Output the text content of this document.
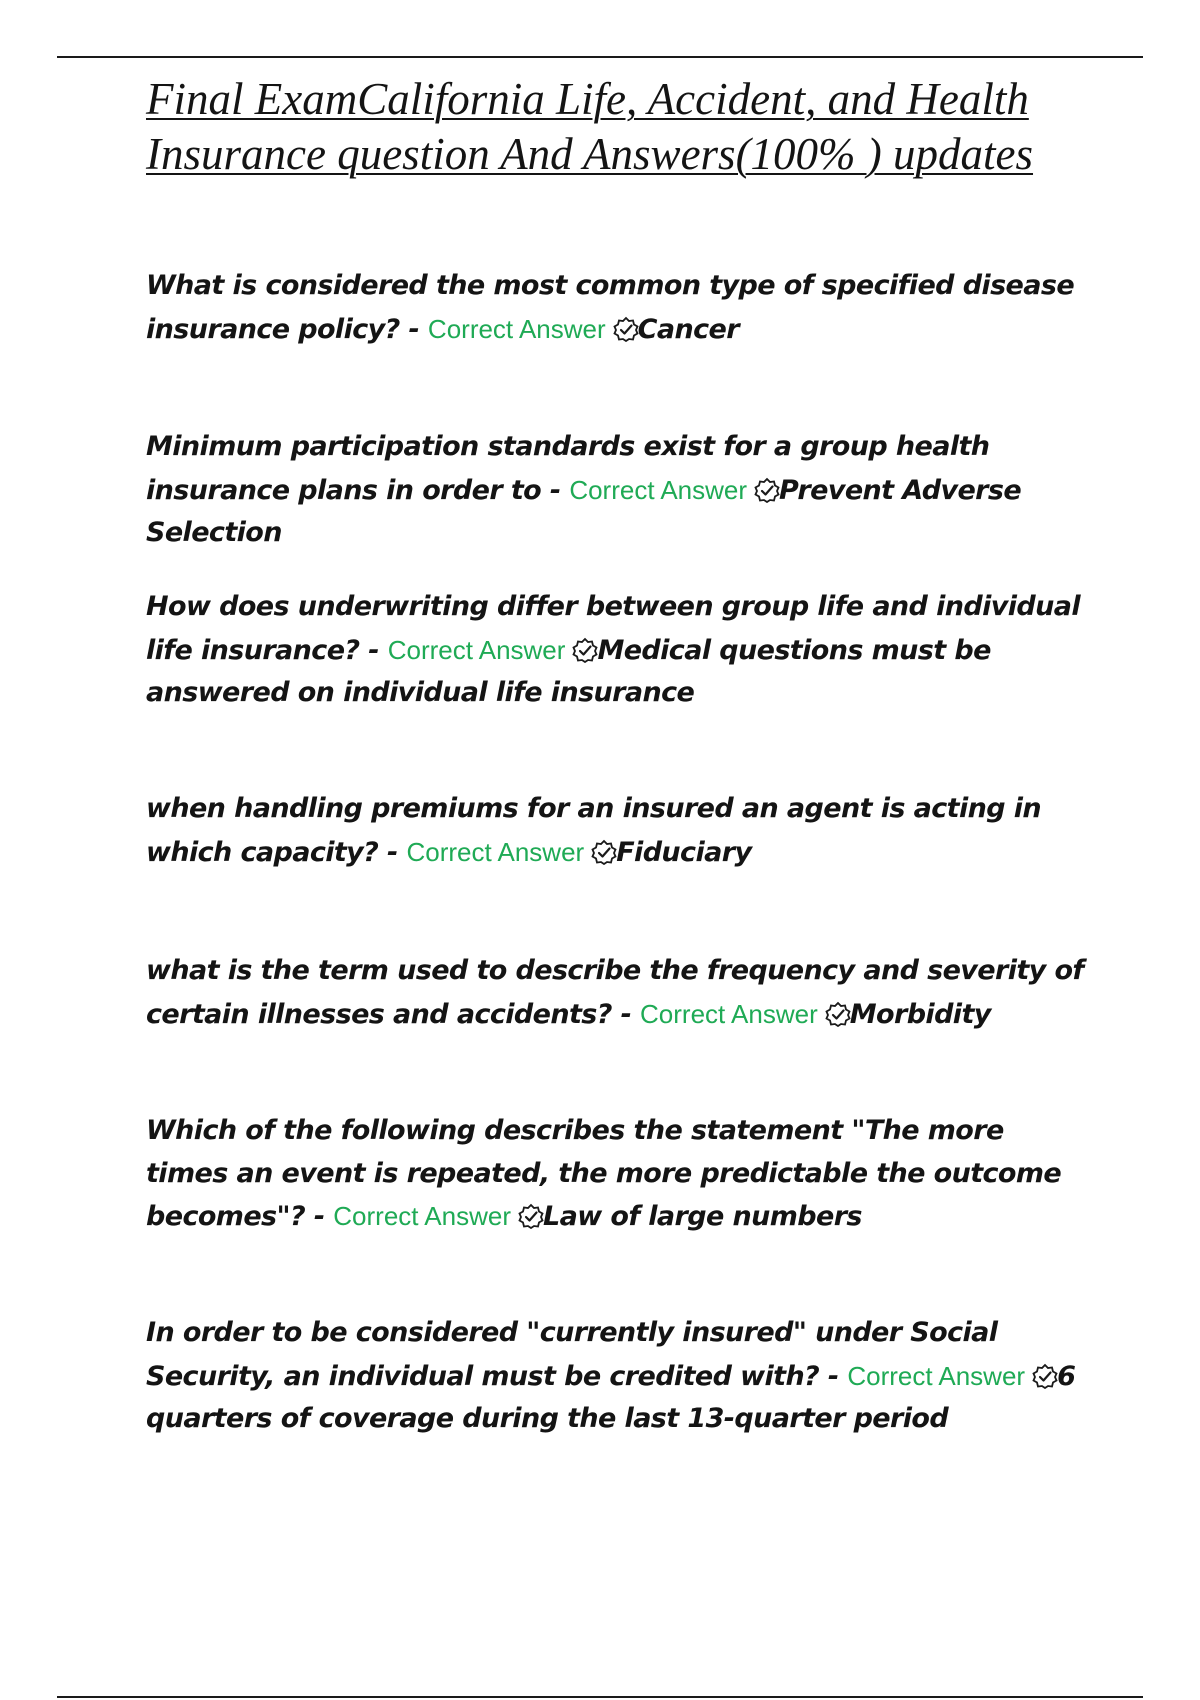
Final ExamCalifornia Life, Accident, and Health Insurance question And Answers(100% ) updates

What is considered the most common type of specified disease insurance policy? - Correct Answer Cancer

Minimum participation standards exist for a group health insurance plans in order to - Correct Answer Prevent Adverse Selection

How does underwriting differ between group life and individual life insurance? - Correct Answer Medical questions must be answered on individual life insurance

when handling premiums for an insured an agent is acting in which capacity? - Correct Answer Fiduciary

what is the term used to describe the frequency and severity of certain illnesses and accidents? - Correct Answer Morbidity

Which of the following describes the statement "The more times an event is repeated, the more predictable the outcome becomes"? - Correct Answer Law of large numbers

In order to be considered "currently insured" under Social Security, an individual must be credited with? - Correct Answer 6 quarters of coverage during the last 13-quarter period
